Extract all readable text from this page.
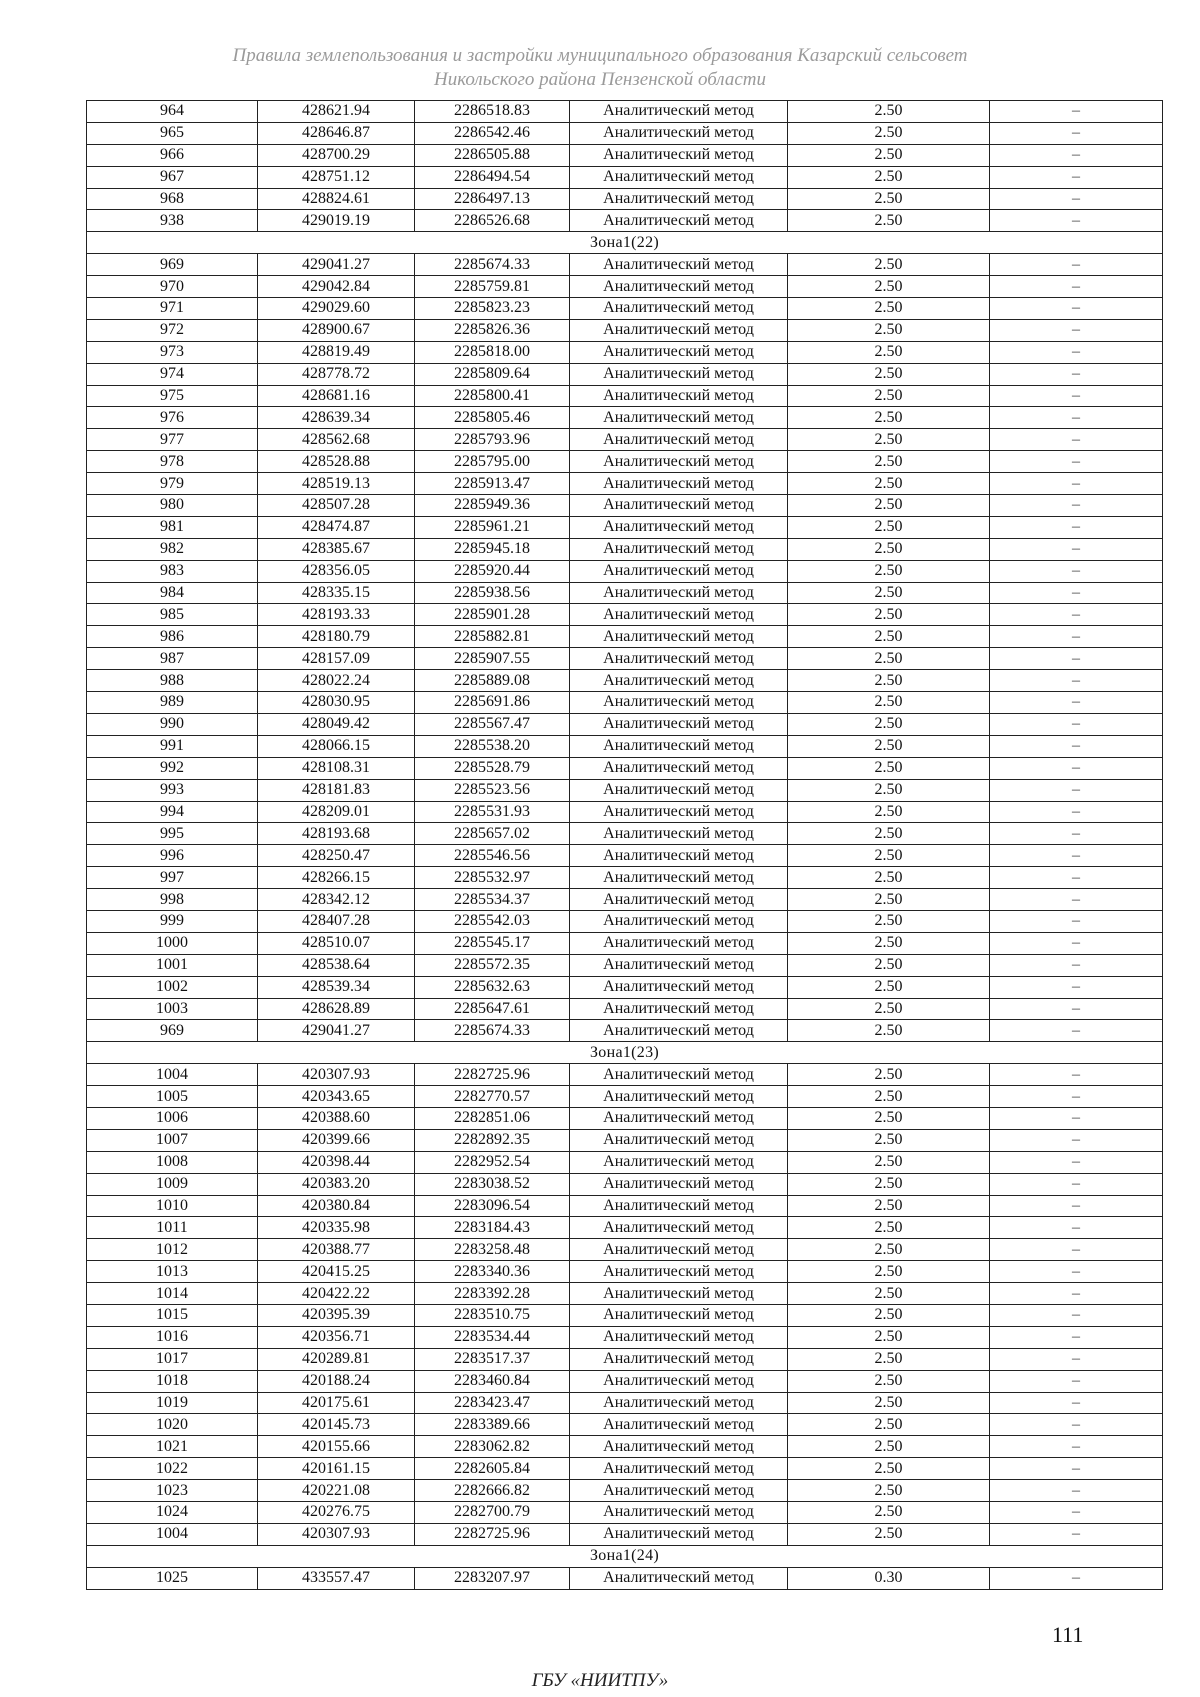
Правила землепользования и застройки муниципального образования Казарский сельсовет
Никольского района Пензенской области
964	428621.94	2286518.83	Аналитический метод	2.50	–
965	428646.87	2286542.46	Аналитический метод	2.50	–
966	428700.29	2286505.88	Аналитический метод	2.50	–
967	428751.12	2286494.54	Аналитический метод	2.50	–
968	428824.61	2286497.13	Аналитический метод	2.50	–
938	429019.19	2286526.68	Аналитический метод	2.50	–
Зона1(22)					
969	429041.27	2285674.33	Аналитический метод	2.50	–
970	429042.84	2285759.81	Аналитический метод	2.50	–
971	429029.60	2285823.23	Аналитический метод	2.50	–
972	428900.67	2285826.36	Аналитический метод	2.50	–
973	428819.49	2285818.00	Аналитический метод	2.50	–
974	428778.72	2285809.64	Аналитический метод	2.50	–
975	428681.16	2285800.41	Аналитический метод	2.50	–
976	428639.34	2285805.46	Аналитический метод	2.50	–
977	428562.68	2285793.96	Аналитический метод	2.50	–
978	428528.88	2285795.00	Аналитический метод	2.50	–
979	428519.13	2285913.47	Аналитический метод	2.50	–
980	428507.28	2285949.36	Аналитический метод	2.50	–
981	428474.87	2285961.21	Аналитический метод	2.50	–
982	428385.67	2285945.18	Аналитический метод	2.50	–
983	428356.05	2285920.44	Аналитический метод	2.50	–
984	428335.15	2285938.56	Аналитический метод	2.50	–
985	428193.33	2285901.28	Аналитический метод	2.50	–
986	428180.79	2285882.81	Аналитический метод	2.50	–
987	428157.09	2285907.55	Аналитический метод	2.50	–
988	428022.24	2285889.08	Аналитический метод	2.50	–
989	428030.95	2285691.86	Аналитический метод	2.50	–
990	428049.42	2285567.47	Аналитический метод	2.50	–
991	428066.15	2285538.20	Аналитический метод	2.50	–
992	428108.31	2285528.79	Аналитический метод	2.50	–
993	428181.83	2285523.56	Аналитический метод	2.50	–
994	428209.01	2285531.93	Аналитический метод	2.50	–
995	428193.68	2285657.02	Аналитический метод	2.50	–
996	428250.47	2285546.56	Аналитический метод	2.50	–
997	428266.15	2285532.97	Аналитический метод	2.50	–
998	428342.12	2285534.37	Аналитический метод	2.50	–
999	428407.28	2285542.03	Аналитический метод	2.50	–
1000	428510.07	2285545.17	Аналитический метод	2.50	–
1001	428538.64	2285572.35	Аналитический метод	2.50	–
1002	428539.34	2285632.63	Аналитический метод	2.50	–
1003	428628.89	2285647.61	Аналитический метод	2.50	–
969	429041.27	2285674.33	Аналитический метод	2.50	–
Зона1(23)					
1004	420307.93	2282725.96	Аналитический метод	2.50	–
1005	420343.65	2282770.57	Аналитический метод	2.50	–
1006	420388.60	2282851.06	Аналитический метод	2.50	–
1007	420399.66	2282892.35	Аналитический метод	2.50	–
1008	420398.44	2282952.54	Аналитический метод	2.50	–
1009	420383.20	2283038.52	Аналитический метод	2.50	–
1010	420380.84	2283096.54	Аналитический метод	2.50	–
1011	420335.98	2283184.43	Аналитический метод	2.50	–
1012	420388.77	2283258.48	Аналитический метод	2.50	–
1013	420415.25	2283340.36	Аналитический метод	2.50	–
1014	420422.22	2283392.28	Аналитический метод	2.50	–
1015	420395.39	2283510.75	Аналитический метод	2.50	–
1016	420356.71	2283534.44	Аналитический метод	2.50	–
1017	420289.81	2283517.37	Аналитический метод	2.50	–
1018	420188.24	2283460.84	Аналитический метод	2.50	–
1019	420175.61	2283423.47	Аналитический метод	2.50	–
1020	420145.73	2283389.66	Аналитический метод	2.50	–
1021	420155.66	2283062.82	Аналитический метод	2.50	–
1022	420161.15	2282605.84	Аналитический метод	2.50	–
1023	420221.08	2282666.82	Аналитический метод	2.50	–
1024	420276.75	2282700.79	Аналитический метод	2.50	–
1004	420307.93	2282725.96	Аналитический метод	2.50	–
Зона1(24)					
1025	433557.47	2283207.97	Аналитический метод	0.30	–
111
ГБУ «НИИТПУ»
